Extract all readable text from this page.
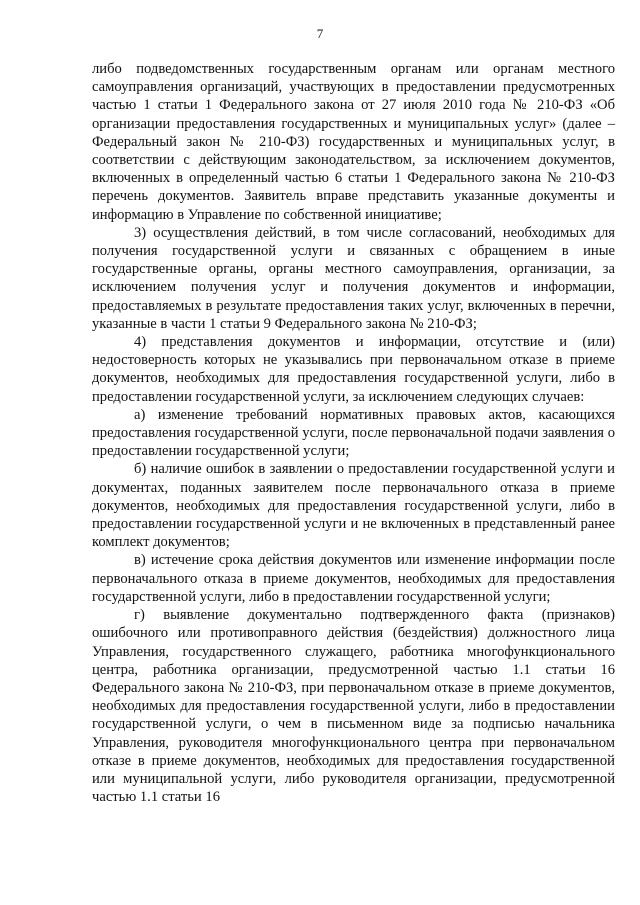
7

либо подведомственных государственным органам или органам местного самоуправления организаций, участвующих в предоставлении предусмотренных частью 1 статьи 1 Федерального закона от 27 июля 2010 года № 210-ФЗ «Об организации предоставления государственных и муниципальных услуг» (далее – Федеральный закон № 210-ФЗ) государственных и муниципальных услуг, в соответствии с действующим законодательством, за исключением документов, включенных в определенный частью 6 статьи 1 Федерального закона № 210-ФЗ перечень документов. Заявитель вправе представить указанные документы и информацию в Управление по собственной инициативе;

3) осуществления действий, в том числе согласований, необходимых для получения государственной услуги и связанных с обращением в иные государственные органы, органы местного самоуправления, организации, за исключением получения услуг и получения документов и информации, предоставляемых в результате предоставления таких услуг, включенных в перечни, указанные в части 1 статьи 9 Федерального закона № 210-ФЗ;

4) представления документов и информации, отсутствие и (или) недостоверность которых не указывались при первоначальном отказе в приеме документов, необходимых для предоставления государственной услуги, либо в предоставлении государственной услуги, за исключением следующих случаев:

а) изменение требований нормативных правовых актов, касающихся предоставления государственной услуги, после первоначальной подачи заявления о предоставлении государственной услуги;

б) наличие ошибок в заявлении о предоставлении государственной услуги и документах, поданных заявителем после первоначального отказа в приеме документов, необходимых для предоставления государственной услуги, либо в предоставлении государственной услуги и не включенных в представленный ранее комплект документов;

в) истечение срока действия документов или изменение информации после первоначального отказа в приеме документов, необходимых для предоставления государственной услуги, либо в предоставлении государственной услуги;

г) выявление документально подтвержденного факта (признаков) ошибочного или противоправного действия (бездействия) должностного лица Управления, государственного служащего, работника многофункционального центра, работника организации, предусмотренной частью 1.1 статьи 16 Федерального закона № 210-ФЗ, при первоначальном отказе в приеме документов, необходимых для предоставления государственной услуги, либо в предоставлении государственной услуги, о чем в письменном виде за подписью начальника Управления, руководителя многофункционального центра при первоначальном отказе в приеме документов, необходимых для предоставления государственной или муниципальной услуги, либо руководителя организации, предусмотренной частью 1.1 статьи 16
